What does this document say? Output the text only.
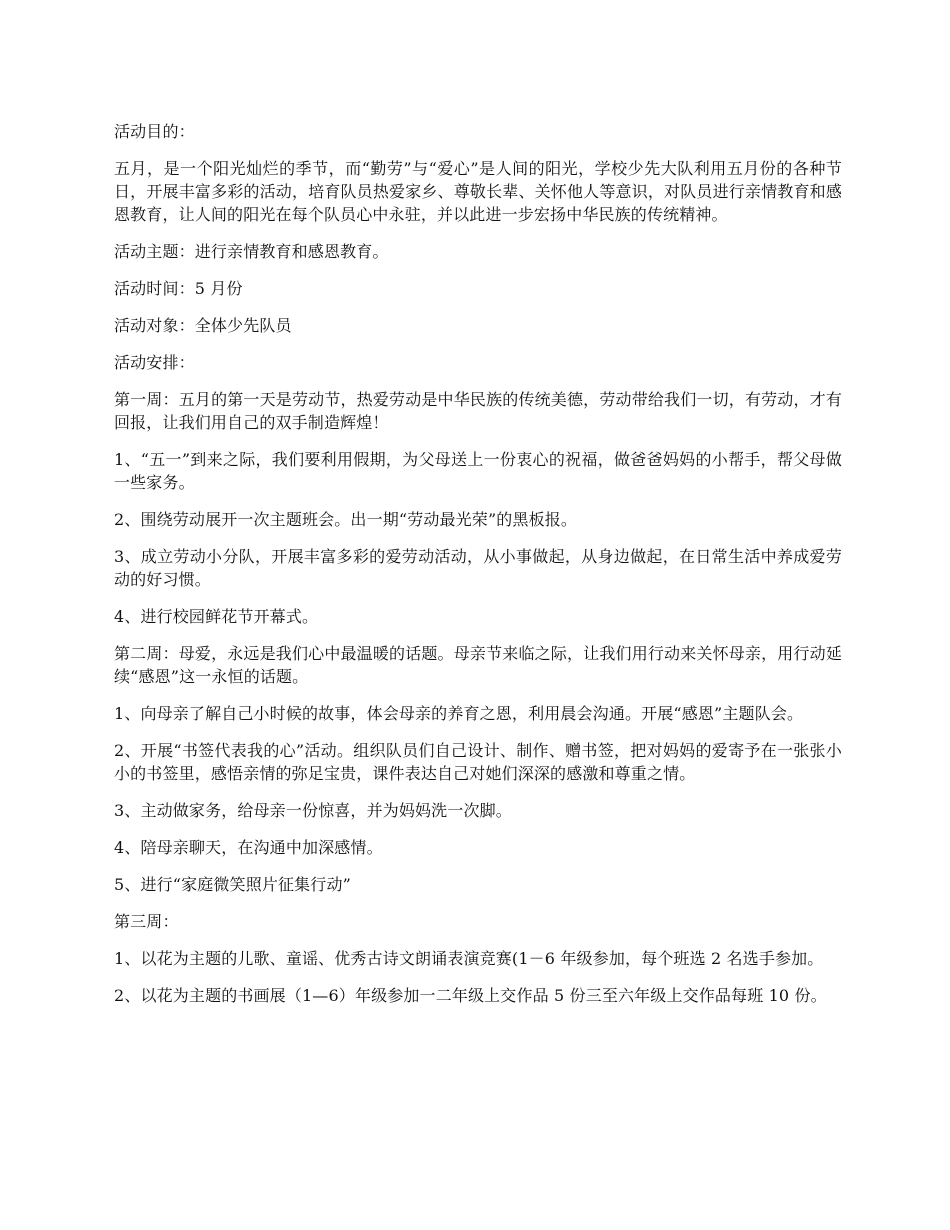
活动目的：

五月，是一个阳光灿烂的季节，而“勤劳”与“爱心”是人间的阳光，学校少先大队利用五月份的各种节日，开展丰富多彩的活动，培育队员热爱家乡、尊敬长辈、关怀他人等意识，对队员进行亲情教育和感恩教育，让人间的阳光在每个队员心中永驻，并以此进一步宏扬中华民族的传统精神。

活动主题：进行亲情教育和感恩教育。

活动时间：5 月份

活动对象：全体少先队员

活动安排：

第一周：五月的第一天是劳动节，热爱劳动是中华民族的传统美德，劳动带给我们一切，有劳动，才有回报，让我们用自己的双手制造辉煌！

1、“五一”到来之际，我们要利用假期，为父母送上一份衷心的祝福，做爸爸妈妈的小帮手，帮父母做一些家务。

2、围绕劳动展开一次主题班会。出一期“劳动最光荣”的黑板报。

3、成立劳动小分队，开展丰富多彩的爱劳动活动，从小事做起，从身边做起，在日常生活中养成爱劳动的好习惯。

4、进行校园鲜花节开幕式。

第二周：母爱，永远是我们心中最温暖的话题。母亲节来临之际，让我们用行动来关怀母亲，用行动延续“感恩”这一永恒的话题。

1、向母亲了解自己小时候的故事，体会母亲的养育之恩，利用晨会沟通。开展“感恩”主题队会。

2、开展“书签代表我的心”活动。组织队员们自己设计、制作、赠书签，把对妈妈的爱寄予在一张张小小的书签里，感悟亲情的弥足宝贵，课件表达自己对她们深深的感激和尊重之情。

3、主动做家务，给母亲一份惊喜，并为妈妈洗一次脚。

4、陪母亲聊天，在沟通中加深感情。

5、进行“家庭微笑照片征集行动”

第三周：

1、以花为主题的儿歌、童谣、优秀古诗文朗诵表演竞赛(1－6 年级参加，每个班选 2 名选手参加。

2、以花为主题的书画展（1—6）年级参加一二年级上交作品 5 份三至六年级上交作品每班 10 份。
